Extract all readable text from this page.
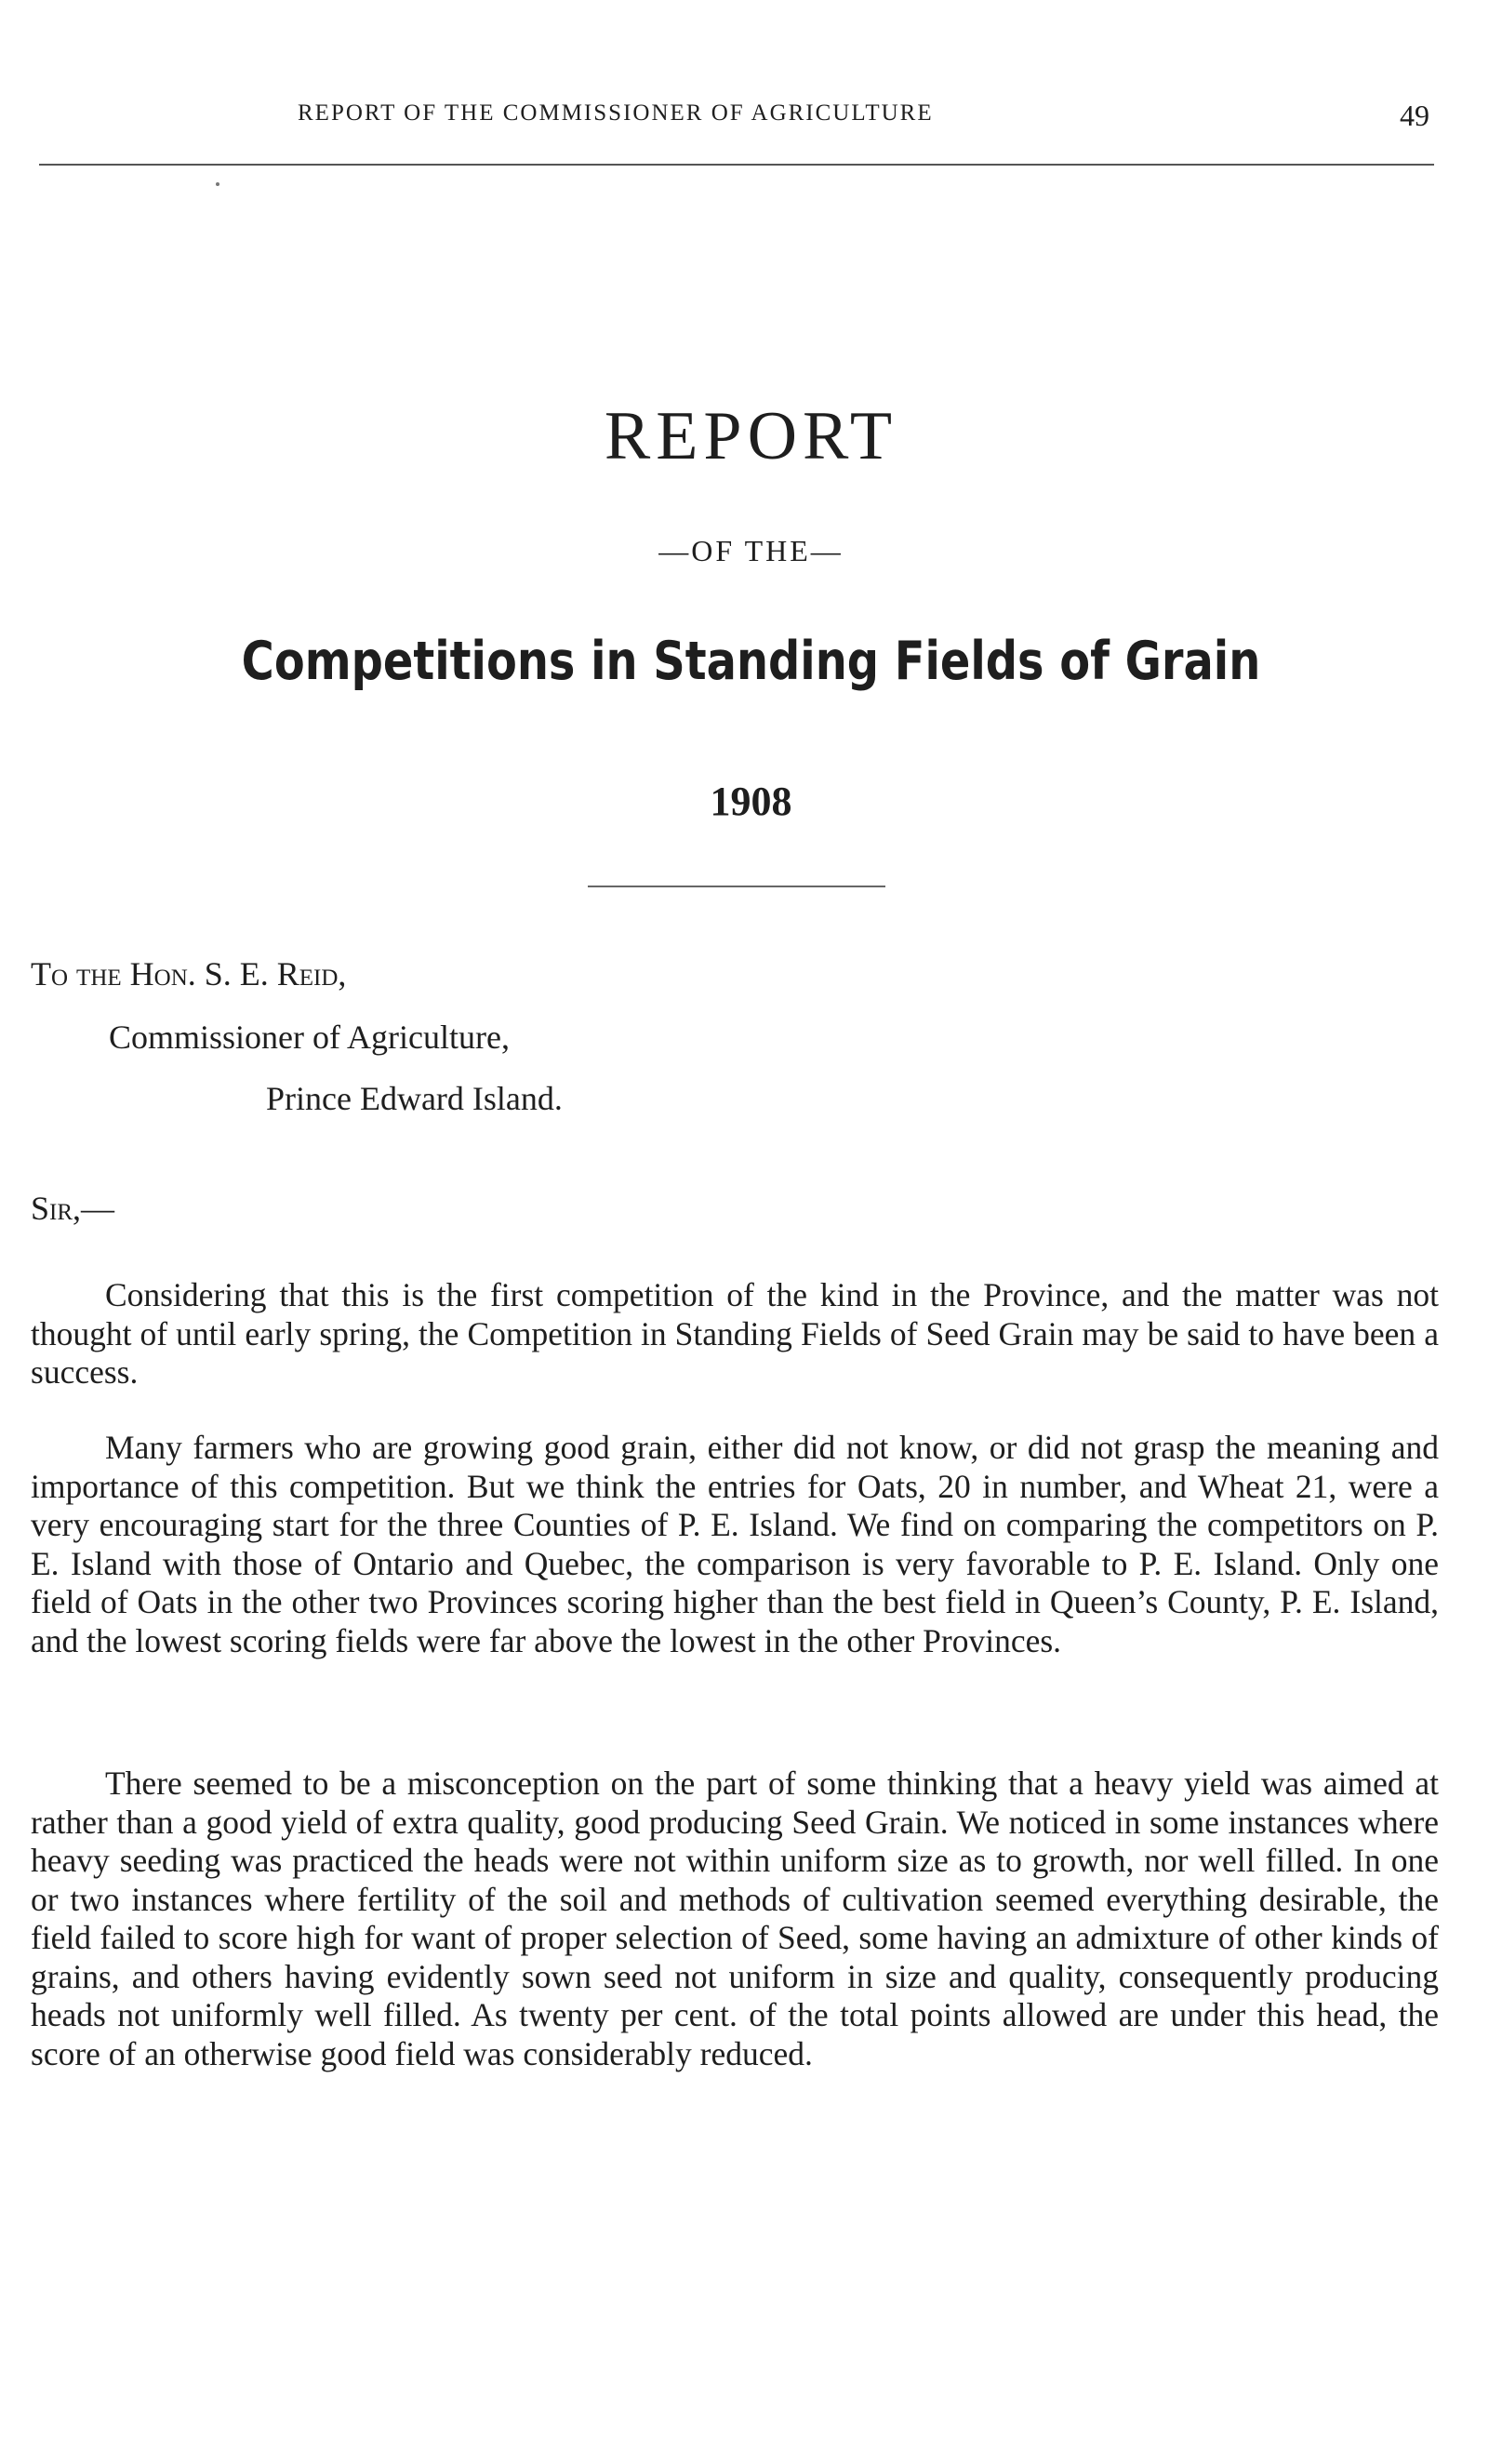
REPORT OF THE COMMISSIONER OF AGRICULTURE	49
REPORT
—OF THE—
Competitions in Standing Fields of Grain
1908
To the Hon. S. E. Reid,
Commissioner of Agriculture,
Prince Edward Island.
Sir,—

Considering that this is the first competition of the kind in the Province, and the matter was not thought of until early spring, the Competition in Standing Fields of Seed Grain may be said to have been a success.

Many farmers who are growing good grain, either did not know, or did not grasp the meaning and importance of this competition. But we think the entries for Oats, 20 in number, and Wheat 21, were a very encouraging start for the three Counties of P. E. Island. We find on comparing the competitors on P. E. Island with those of Ontario and Quebec, the comparison is very favorable to P. E. Island. Only one field of Oats in the other two Provinces scoring higher than the best field in Queen’s County, P. E. Island, and the lowest scoring fields were far above the lowest in the other Provinces.

There seemed to be a misconception on the part of some thinking that a heavy yield was aimed at rather than a good yield of extra quality, good producing Seed Grain. We noticed in some instances where heavy seeding was practiced the heads were not within uniform size as to growth, nor well filled. In one or two instances where fertility of the soil and methods of cultivation seemed everything desirable, the field failed to score high for want of proper selection of Seed, some having an admixture of other kinds of grains, and others having evidently sown seed not uniform in size and quality, consequently producing heads not uniformly well filled. As twenty per cent. of the total points allowed are under this head, the score of an otherwise good field was considerably reduced.
